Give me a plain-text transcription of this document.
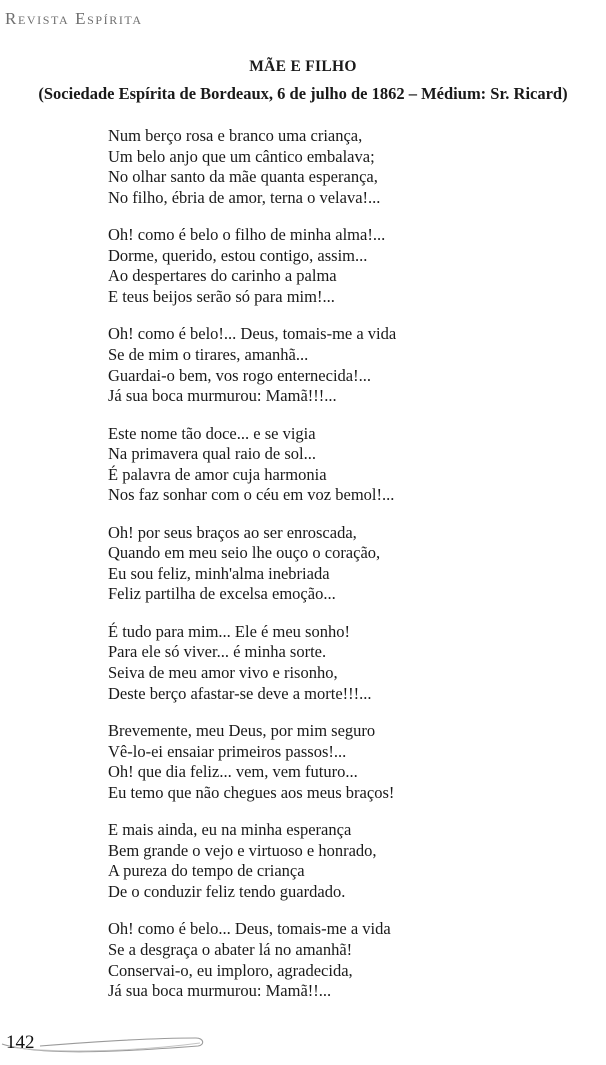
Revista Espírita
MÃE E FILHO
(Sociedade Espírita de Bordeaux, 6 de julho de 1862 – Médium: Sr. Ricard)
Num berço rosa e branco uma criança,
Um belo anjo que um cântico embalava;
No olhar santo da mãe quanta esperança,
No filho, ébria de amor, terna o velava!...
Oh! como é belo o filho de minha alma!...
Dorme, querido, estou contigo, assim...
Ao despertares do carinho a palma
E teus beijos serão só para mim!...
Oh! como é belo!... Deus, tomais-me a vida
Se de mim o tirares, amanhã...
Guardai-o bem, vos rogo enternecida!...
Já sua boca murmurou: Mamã!!!...
Este nome tão doce... e se vigia
Na primavera qual raio de sol...
É palavra de amor cuja harmonia
Nos faz sonhar com o céu em voz bemol!...
Oh! por seus braços ao ser enroscada,
Quando em meu seio lhe ouço o coração,
Eu sou feliz, minh'alma inebriada
Feliz partilha de excelsa emoção...
É tudo para mim... Ele é meu sonho!
Para ele só viver... é minha sorte.
Seiva de meu amor vivo e risonho,
Deste berço afastar-se deve a morte!!!...
Brevemente, meu Deus, por mim seguro
Vê-lo-ei ensaiar primeiros passos!...
Oh! que dia feliz... vem, vem futuro...
Eu temo que não chegues aos meus braços!
E mais ainda, eu na minha esperança
Bem grande o vejo e virtuoso e honrado,
A pureza do tempo de criança
De o conduzir feliz tendo guardado.
Oh! como é belo... Deus, tomais-me a vida
Se a desgraça o abater lá no amanhã!
Conservai-o, eu imploro, agradecida,
Já sua boca murmurou: Mamã!!...
142
